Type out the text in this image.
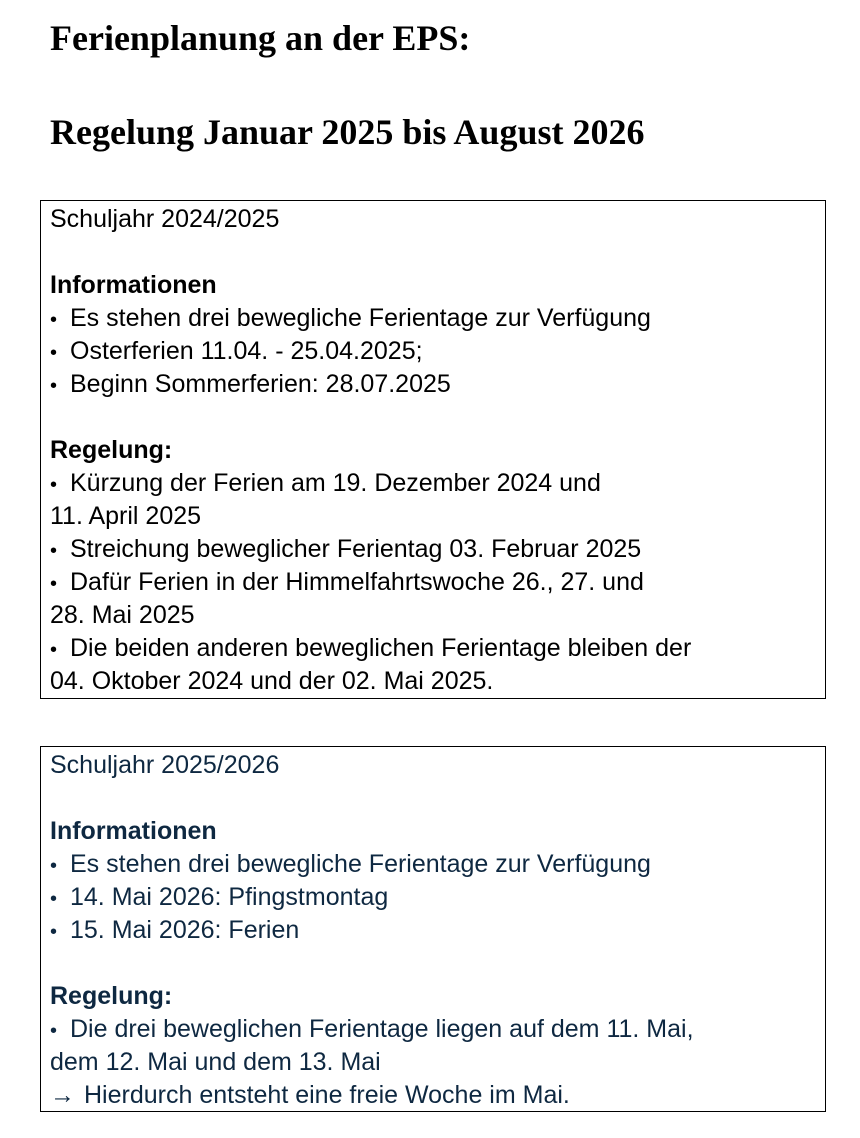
Ferienplanung an der EPS:
Regelung Januar 2025 bis August 2026
Schuljahr 2024/2025
Informationen
• Es stehen drei bewegliche Ferientage zur Verfügung
• Osterferien 11.04. - 25.04.2025;
• Beginn Sommerferien: 28.07.2025
Regelung:
• Kürzung der Ferien am 19. Dezember 2024 und
11. April 2025
• Streichung beweglicher Ferientag 03. Februar 2025
• Dafür Ferien in der Himmelfahrtswoche 26., 27. und
28. Mai 2025
• Die beiden anderen beweglichen Ferientage bleiben der
04. Oktober 2024 und der 02. Mai 2025.
Schuljahr 2025/2026
Informationen
• Es stehen drei bewegliche Ferientage zur Verfügung
• 14. Mai 2026: Pfingstmontag
• 15. Mai 2026: Ferien
Regelung:
• Die drei beweglichen Ferientage liegen auf dem 11. Mai,
dem 12. Mai und dem 13. Mai
→ Hierdurch entsteht eine freie Woche im Mai.
